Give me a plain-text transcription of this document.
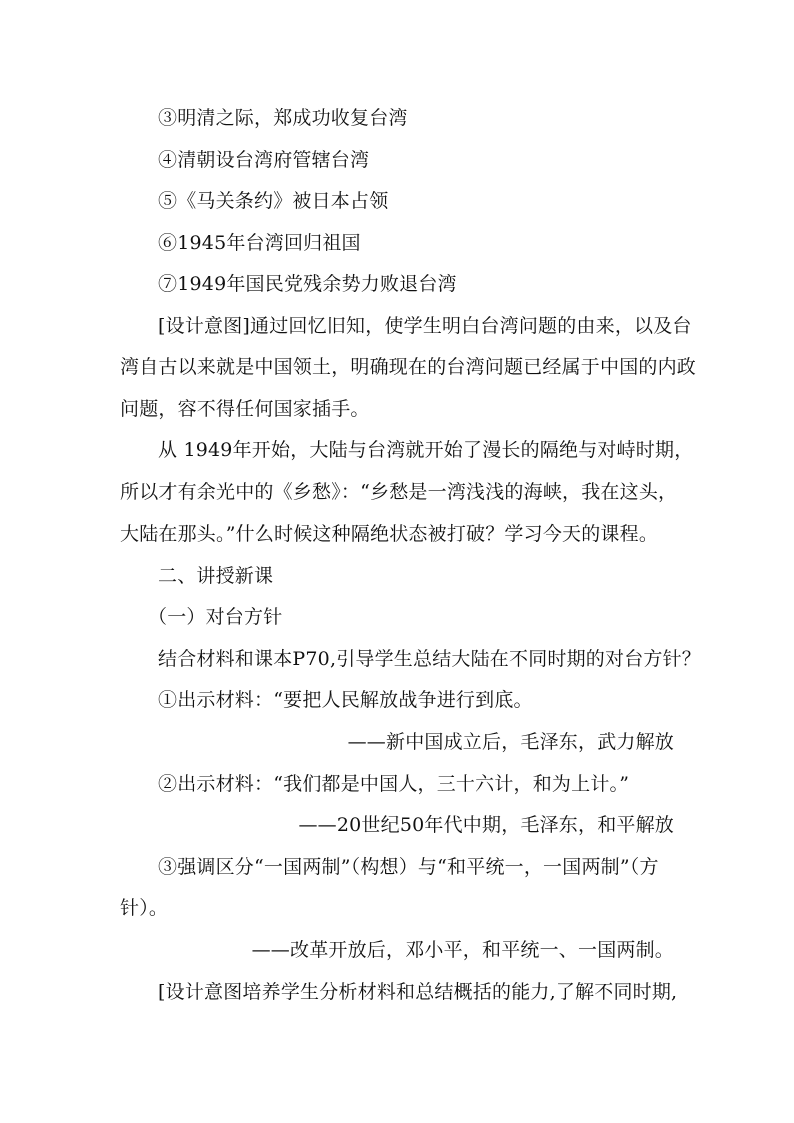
③明清之际，郑成功收复台湾
④清朝设台湾府管辖台湾
⑤《马关条约》被日本占领
⑥1945年台湾回归祖国
⑦1949年国民党残余势力败退台湾
[设计意图]通过回忆旧知，使学生明白台湾问题的由来，以及台
湾自古以来就是中国领土，明确现在的台湾问题已经属于中国的内政
问题，容不得任何国家插手。
从 1949年开始，大陆与台湾就开始了漫长的隔绝与对峙时期，
所以才有余光中的《乡愁》：“乡愁是一湾浅浅的海峡，我在这头，
大陆在那头。”什么时候这种隔绝状态被打破？学习今天的课程。
二、讲授新课
（一）对台方针
结合材料和课本P70,引导学生总结大陆在不同时期的对台方针？
①出示材料：“要把人民解放战争进行到底。
——新中国成立后，毛泽东，武力解放
②出示材料：“我们都是中国人，三十六计，和为上计。”
——20世纪50年代中期，毛泽东，和平解放
③强调区分“一国两制”（构想）与“和平统一，一国两制”（方
针）。
——改革开放后，邓小平，和平统一、一国两制。
[设计意图培养学生分析材料和总结概括的能力,了解不同时期,
